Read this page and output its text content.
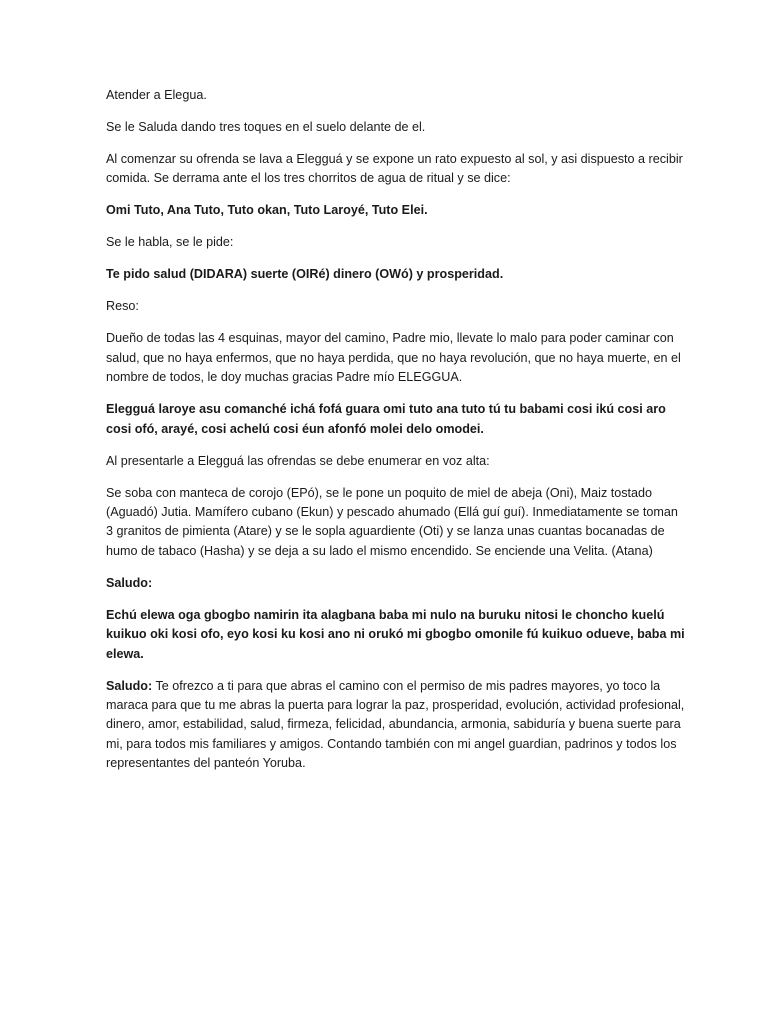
Atender a Elegua.

Se le Saluda dando tres toques en el suelo delante de el.

Al comenzar su ofrenda se lava a Elegguá y se expone un rato expuesto al sol, y asi dispuesto a recibir comida. Se derrama ante el los tres chorritos de agua de ritual y se dice:

Omi Tuto, Ana Tuto, Tuto okan, Tuto Laroyé, Tuto Elei.

Se le habla, se le pide:

Te pido salud (DIDARA) suerte (OIRé) dinero (OWó) y prosperidad.

Reso:

Dueño de todas las 4 esquinas, mayor del camino, Padre mio, llevate lo malo para poder caminar con salud, que no haya enfermos, que no haya perdida, que no haya revolución, que no haya muerte, en el nombre de todos, le doy muchas gracias Padre mío ELEGGUA.

Elegguá laroye asu comanché ichá fofá guara omi tuto ana tuto tú tu babami cosi ikú cosi aro cosi ofó, arayé, cosi achelú cosi éun afonfó molei delo omodei.

Al presentarle a Elegguá las ofrendas se debe enumerar en voz alta:

Se soba con manteca de corojo (EPó), se le pone un poquito de miel de abeja (Oni), Maiz tostado (Aguadó) Jutia. Mamífero cubano (Ekun) y pescado ahumado (Ellá guí guí). Inmediatamente se toman 3 granitos de pimienta (Atare) y se le sopla aguardiente (Oti) y se lanza unas cuantas bocanadas de humo de tabaco (Hasha) y se deja a su lado el mismo encendido. Se enciende una Velita. (Atana)

Saludo:

Echú elewa oga gbogbo namirin ita alagbana baba mi nulo na buruku nitosi le choncho kuelú kuikuo oki kosi ofo, eyo kosi ku kosi ano ni orukó mi gbogbo omonile fú kuikuo odueve, baba mi elewa.

Saludo: Te ofrezco a ti para que abras el camino con el permiso de mis padres mayores, yo toco la maraca para que tu me abras la puerta para lograr la paz, prosperidad, evolución, actividad profesional, dinero, amor, estabilidad, salud, firmeza, felicidad, abundancia, armonia, sabiduría y buena suerte para mi, para todos mis familiares y amigos. Contando también con mi angel guardian, padrinos y todos los representantes del panteón Yoruba.
